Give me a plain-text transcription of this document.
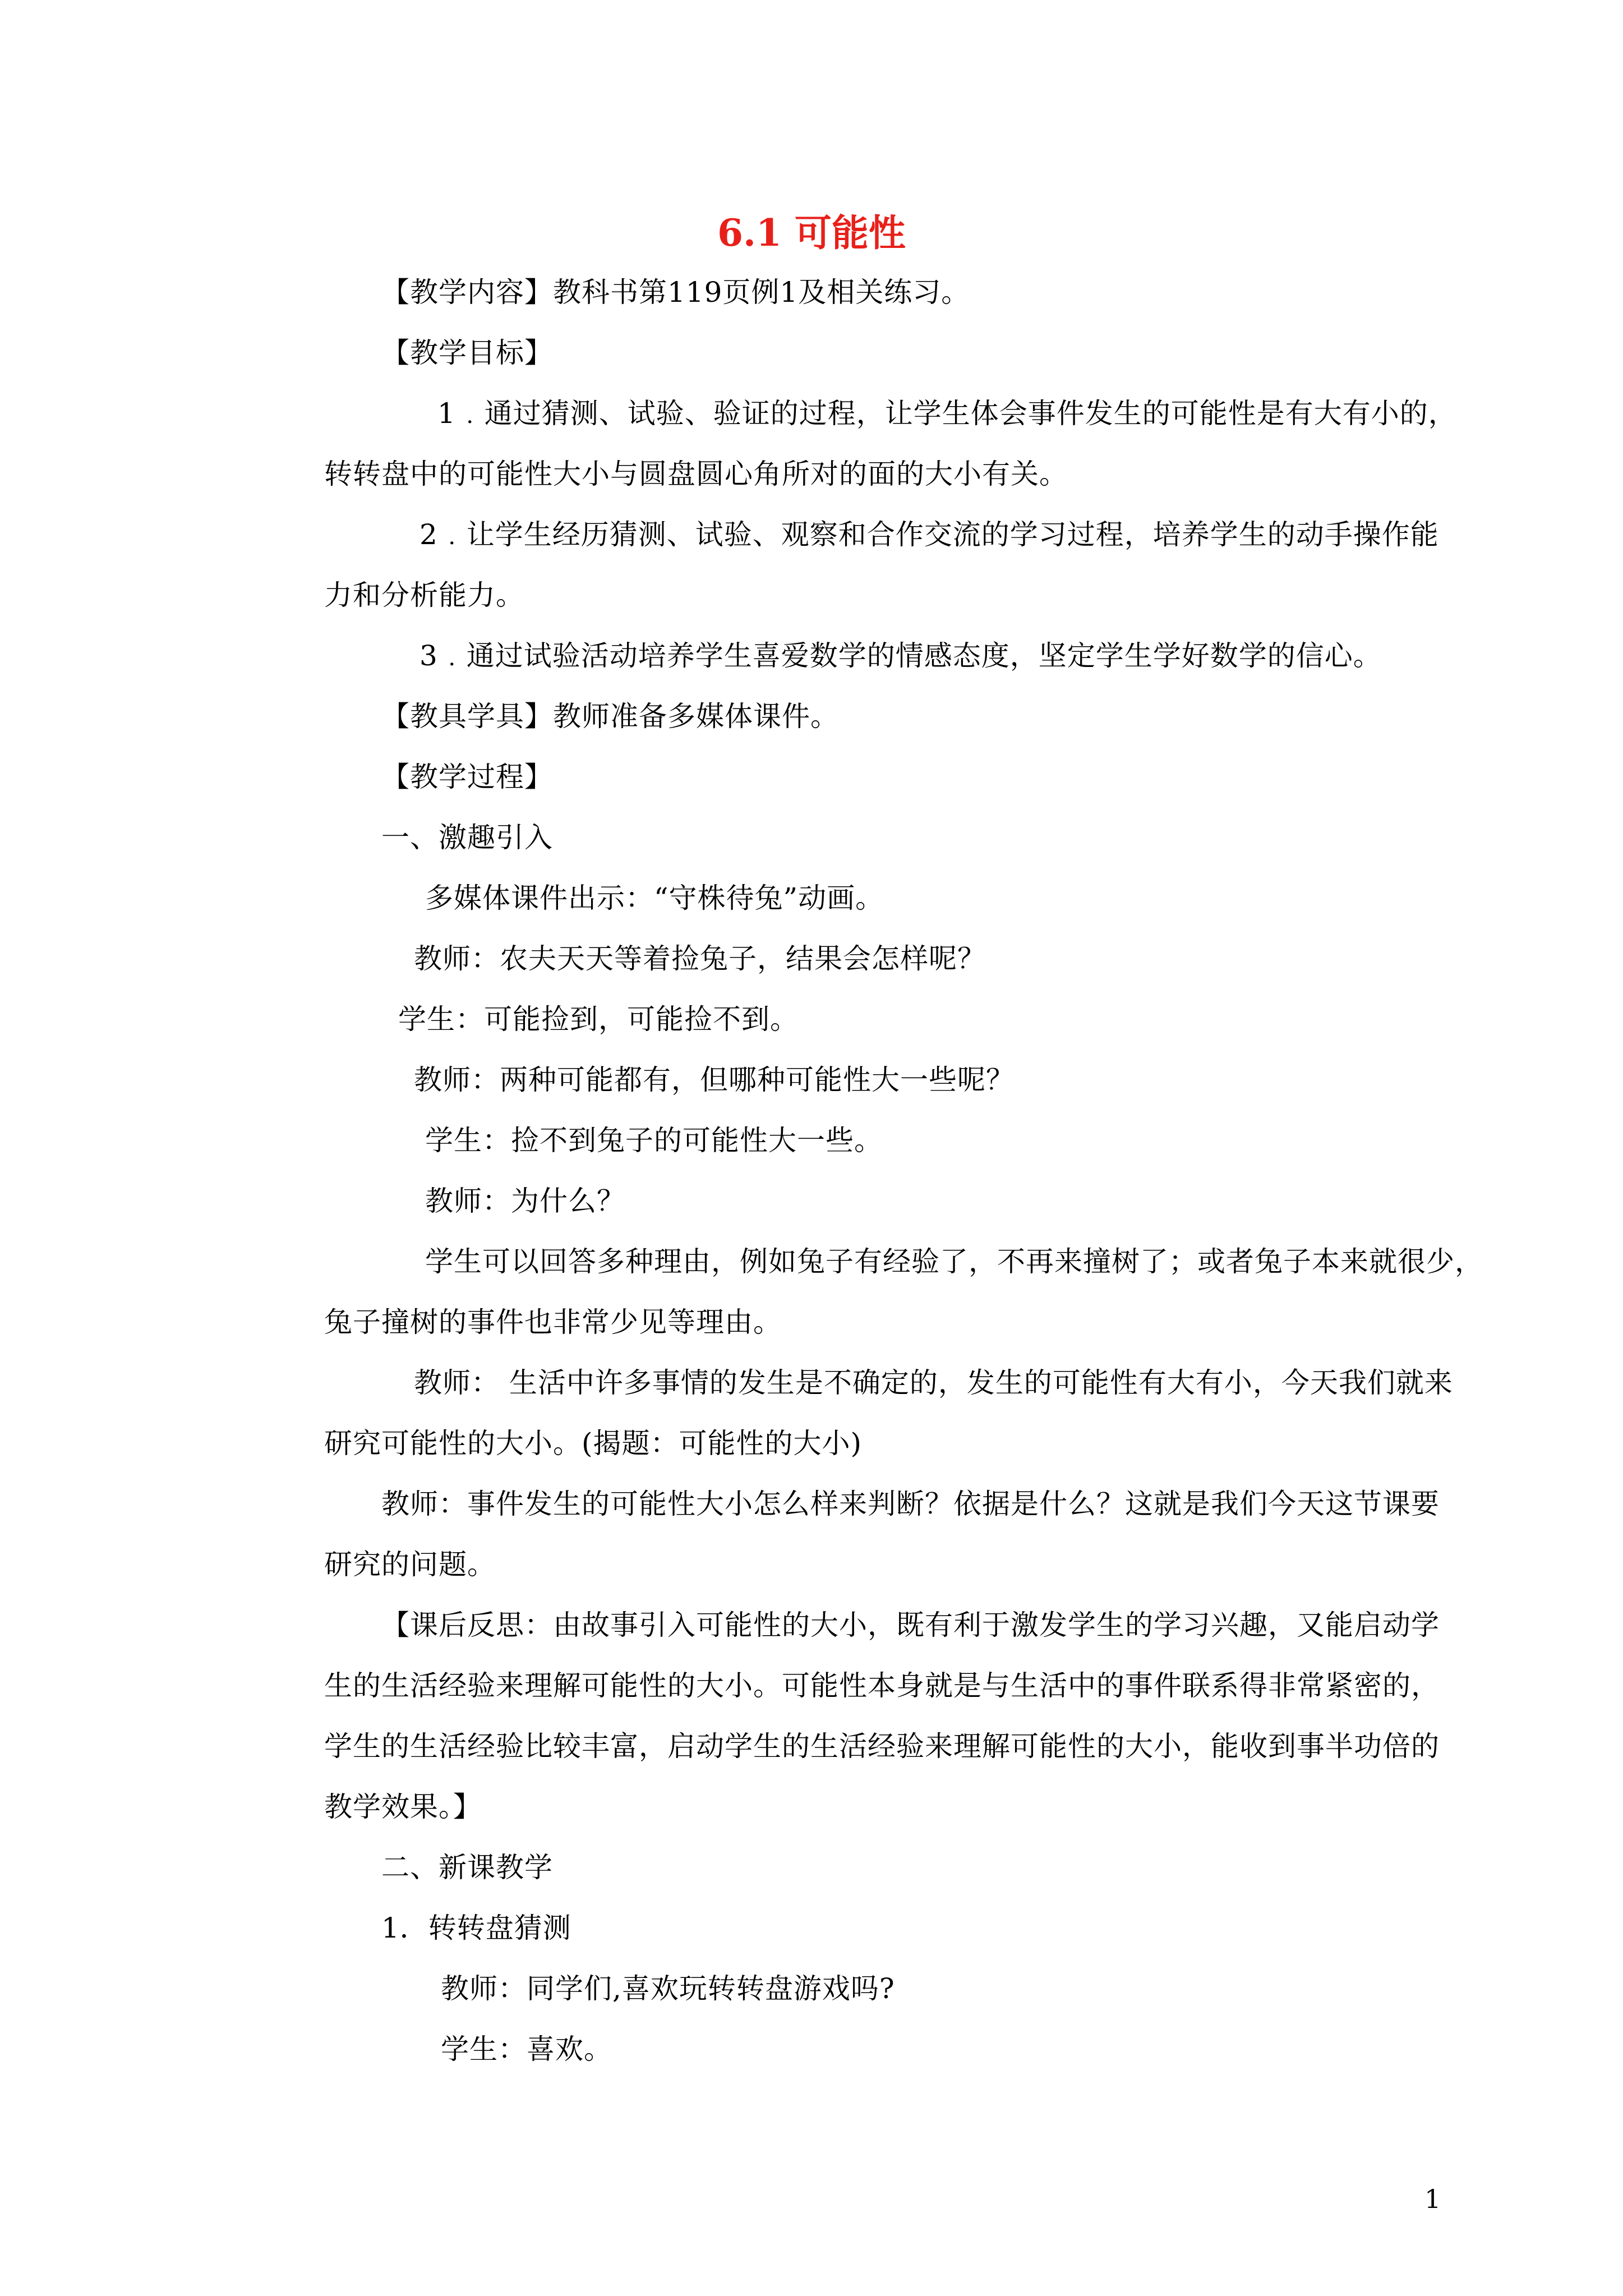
6.1 可能性
【教学内容】教科书第119页例1及相关练习。
【教学目标】
1﹒通过猜测、试验、验证的过程，让学生体会事件发生的可能性是有大有小的，
转转盘中的可能性大小与圆盘圆心角所对的面的大小有关。
2﹒让学生经历猜测、试验、观察和合作交流的学习过程，培养学生的动手操作能
力和分析能力。
3﹒通过试验活动培养学生喜爱数学的情感态度，坚定学生学好数学的信心。
【教具学具】教师准备多媒体课件。
【教学过程】
一、激趣引入
多媒体课件出示：“守株待兔”动画。
教师：农夫天天等着捡兔子，结果会怎样呢？
学生：可能捡到，可能捡不到。
教师：两种可能都有，但哪种可能性大一些呢？
学生：捡不到兔子的可能性大一些。
教师：为什么？
学生可以回答多种理由，例如兔子有经验了，不再来撞树了；或者兔子本来就很少，
兔子撞树的事件也非常少见等理由。
教师： 生活中许多事情的发生是不确定的，发生的可能性有大有小，今天我们就来
研究可能性的大小。(揭题：可能性的大小)
教师：事件发生的可能性大小怎么样来判断？依据是什么？这就是我们今天这节课要
研究的问题。
【课后反思：由故事引入可能性的大小，既有利于激发学生的学习兴趣，又能启动学
生的生活经验来理解可能性的大小。可能性本身就是与生活中的事件联系得非常紧密的，
学生的生活经验比较丰富，启动学生的生活经验来理解可能性的大小，能收到事半功倍的
教学效果。】
二、新课教学
1．转转盘猜测
教师：同学们,喜欢玩转转盘游戏吗?
学生：喜欢。
1
